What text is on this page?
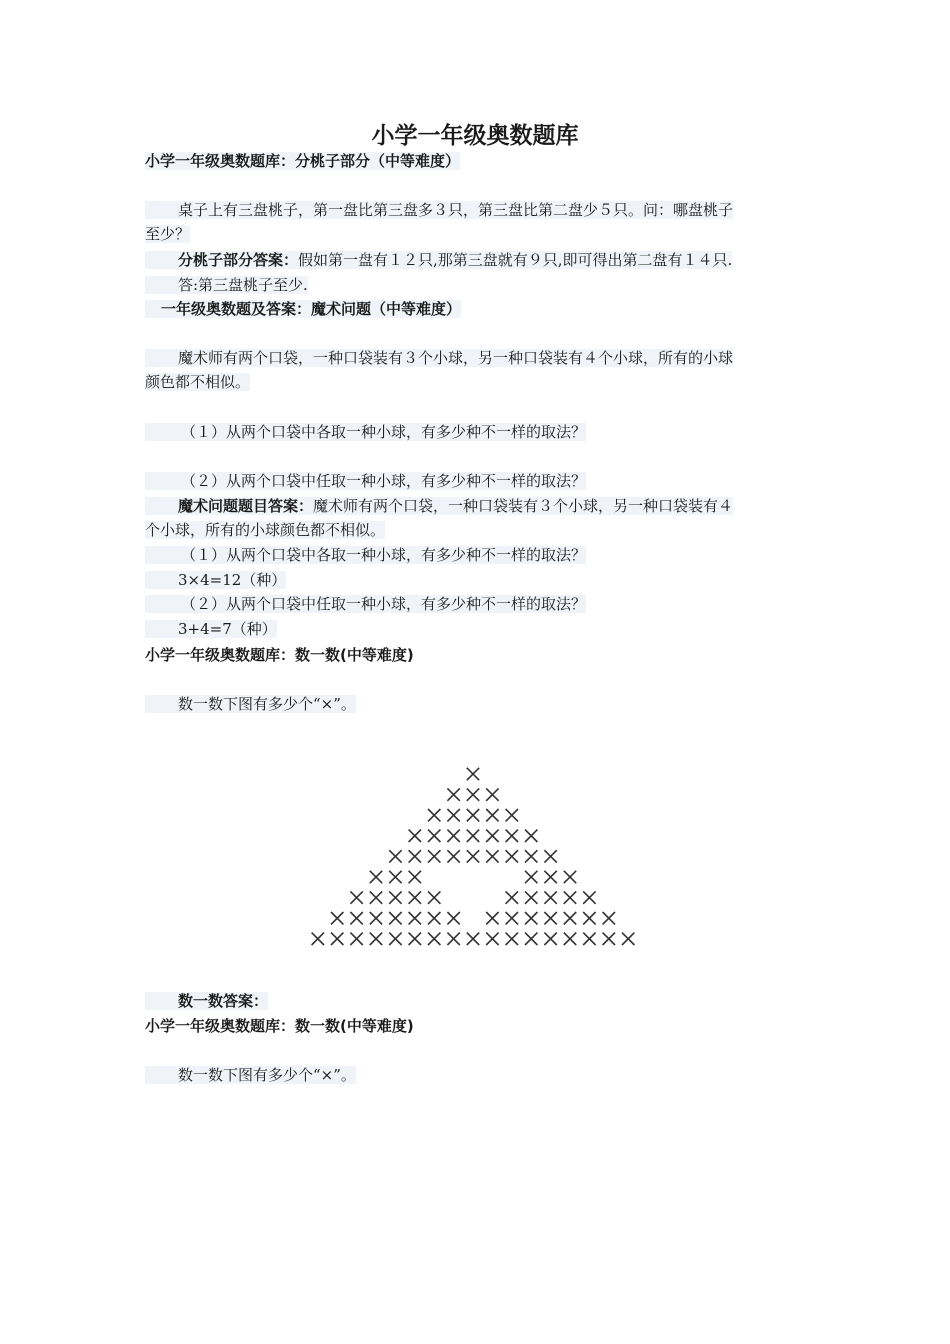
小学一年级奥数题库
小学一年级奥数题库：分桃子部分（中等难度）
桌子上有三盘桃子，第一盘比第三盘多３只，第三盘比第二盘少５只。问：哪盘桃子
至少？
分桃子部分答案：假如第一盘有１２只,那第三盘就有９只,即可得出第二盘有１４只.
答:第三盘桃子至少.
一年级奥数题及答案：魔术问题（中等难度）
魔术师有两个口袋，一种口袋装有３个小球，另一种口袋装有４个小球，所有的小球
颜色都不相似。
（１）从两个口袋中各取一种小球，有多少种不一样的取法？
（２）从两个口袋中任取一种小球，有多少种不一样的取法？
魔术问题题目答案：魔术师有两个口袋，一种口袋装有３个小球，另一种口袋装有４
个小球，所有的小球颜色都不相似。
（１）从两个口袋中各取一种小球，有多少种不一样的取法？
3×4=12（种）
（２）从两个口袋中任取一种小球，有多少种不一样的取法？
3+4=7（种）
小学一年级奥数题库：数一数(中等难度)
数一数下图有多少个“×”。
数一数答案：
小学一年级奥数题库：数一数(中等难度)
数一数下图有多少个“×”。
